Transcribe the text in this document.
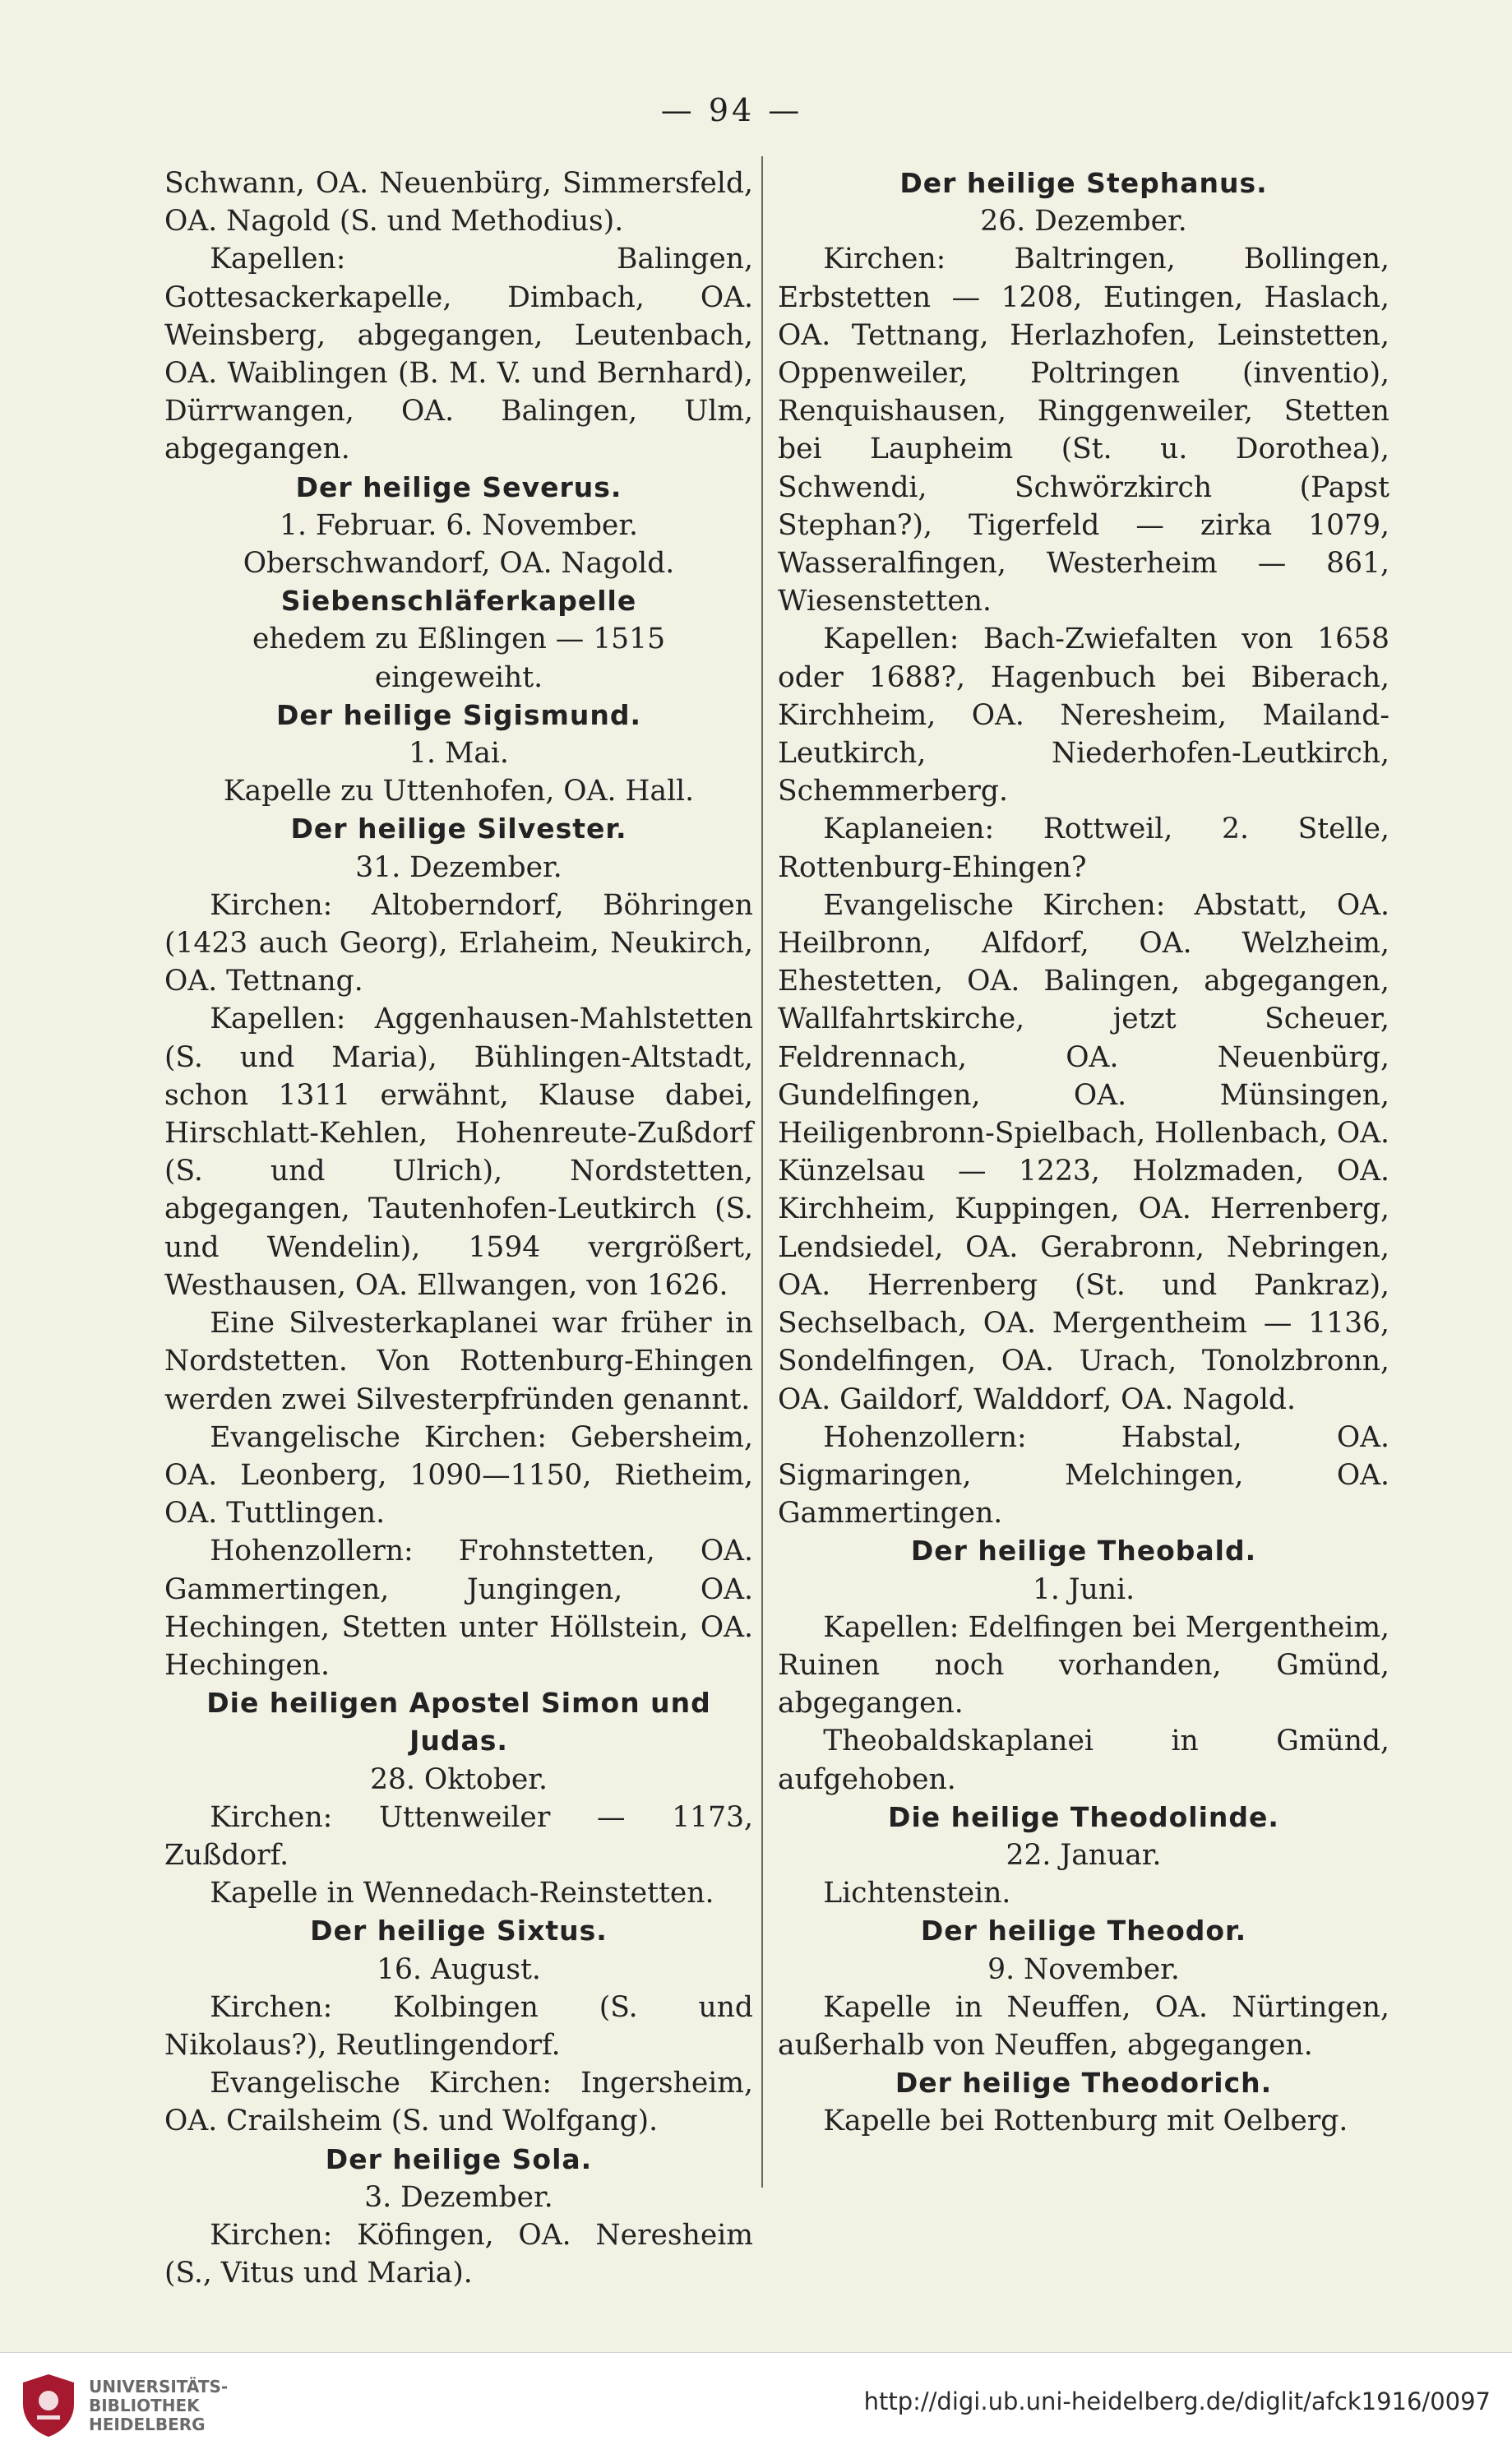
— 94 —
Schwann, OA. Neuenbürg, Simmersfeld, OA. Nagold (S. und Methodius).
Kapellen: Balingen, Gottesackerkapelle, Dimbach, OA. Weinsberg, abgegangen, Leutenbach, OA. Waiblingen (B. M. V. und Bernhard), Dürrwangen, OA. Balingen, Ulm, abgegangen.
Der heilige Severus.
1. Februar. 6. November.
Oberschwandorf, OA. Nagold.
Siebenschläferkapelle
ehedem zu Eßlingen — 1515 eingeweiht.
Der heilige Sigismund.
1. Mai.
Kapelle zu Uttenhofen, OA. Hall.
Der heilige Silvester.
31. Dezember.
Kirchen: Altoberndorf, Böhringen (1423 auch Georg), Erlaheim, Neukirch, OA. Tettnang.
Kapellen: Aggenhausen-Mahlstetten (S. und Maria), Bühlingen-Altstadt, schon 1311 erwähnt, Klause dabei, Hirschlatt-Kehlen, Hohenreute-Zußdorf (S. und Ulrich), Nordstetten, abgegangen, Tautenhofen-Leutkirch (S. und Wendelin), 1594 vergrößert, Westhausen, OA. Ellwangen, von 1626.
Eine Silvesterkaplanei war früher in Nordstetten. Von Rottenburg-Ehingen werden zwei Silvesterpfründen genannt.
Evangelische Kirchen: Gebersheim, OA. Leonberg, 1090—1150, Rietheim, OA. Tuttlingen.
Hohenzollern: Frohnstetten, OA. Gammertingen, Jungingen, OA. Hechingen, Stetten unter Höllstein, OA. Hechingen.
Die heiligen Apostel Simon und Judas.
28. Oktober.
Kirchen: Uttenweiler — 1173, Zußdorf.
Kapelle in Wennedach-Reinstetten.
Der heilige Sixtus.
16. August.
Kirchen: Kolbingen (S. und Nikolaus?), Reutlingendorf.
Evangelische Kirchen: Ingersheim, OA. Crailsheim (S. und Wolfgang).
Der heilige Sola.
3. Dezember.
Kirchen: Köfingen, OA. Neresheim (S., Vitus und Maria).
Der heilige Stephanus.
26. Dezember.
Kirchen: Baltringen, Bollingen, Erbstetten — 1208, Eutingen, Haslach, OA. Tettnang, Herlazhofen, Leinstetten, Oppenweiler, Poltringen (inventio), Renquishausen, Ringgenweiler, Stetten bei Laupheim (St. u. Dorothea), Schwendi, Schwörzkirch (Papst Stephan?), Tigerfeld — zirka 1079, Wasseralfingen, Westerheim — 861, Wiesenstetten.
Kapellen: Bach-Zwiefalten von 1658 oder 1688?, Hagenbuch bei Biberach, Kirchheim, OA. Neresheim, Mailand-Leutkirch, Niederhofen-Leutkirch, Schemmerberg.
Kaplaneien: Rottweil, 2. Stelle, Rottenburg-Ehingen?
Evangelische Kirchen: Abstatt, OA. Heilbronn, Alfdorf, OA. Welzheim, Ehestetten, OA. Balingen, abgegangen, Wallfahrtskirche, jetzt Scheuer, Feldrennach, OA. Neuenbürg, Gundelfingen, OA. Münsingen, Heiligenbronn-Spielbach, Hollenbach, OA. Künzelsau — 1223, Holzmaden, OA. Kirchheim, Kuppingen, OA. Herrenberg, Lendsiedel, OA. Gerabronn, Nebringen, OA. Herrenberg (St. und Pankraz), Sechselbach, OA. Mergentheim — 1136, Sondelfingen, OA. Urach, Tonolzbronn, OA. Gaildorf, Walddorf, OA. Nagold.
Hohenzollern: Habstal, OA. Sigmaringen, Melchingen, OA. Gammertingen.
Der heilige Theobald.
1. Juni.
Kapellen: Edelfingen bei Mergentheim, Ruinen noch vorhanden, Gmünd, abgegangen.
Theobaldskaplanei in Gmünd, aufgehoben.
Die heilige Theodolinde.
22. Januar.
Lichtenstein.
Der heilige Theodor.
9. November.
Kapelle in Neuffen, OA. Nürtingen, außerhalb von Neuffen, abgegangen.
Der heilige Theodorich.
Kapelle bei Rottenburg mit Oelberg.
UNIVERSITÄTS-
BIBLIOTHEK
HEIDELBERG
http://digi.ub.uni-heidelberg.de/diglit/afck1916/0097
